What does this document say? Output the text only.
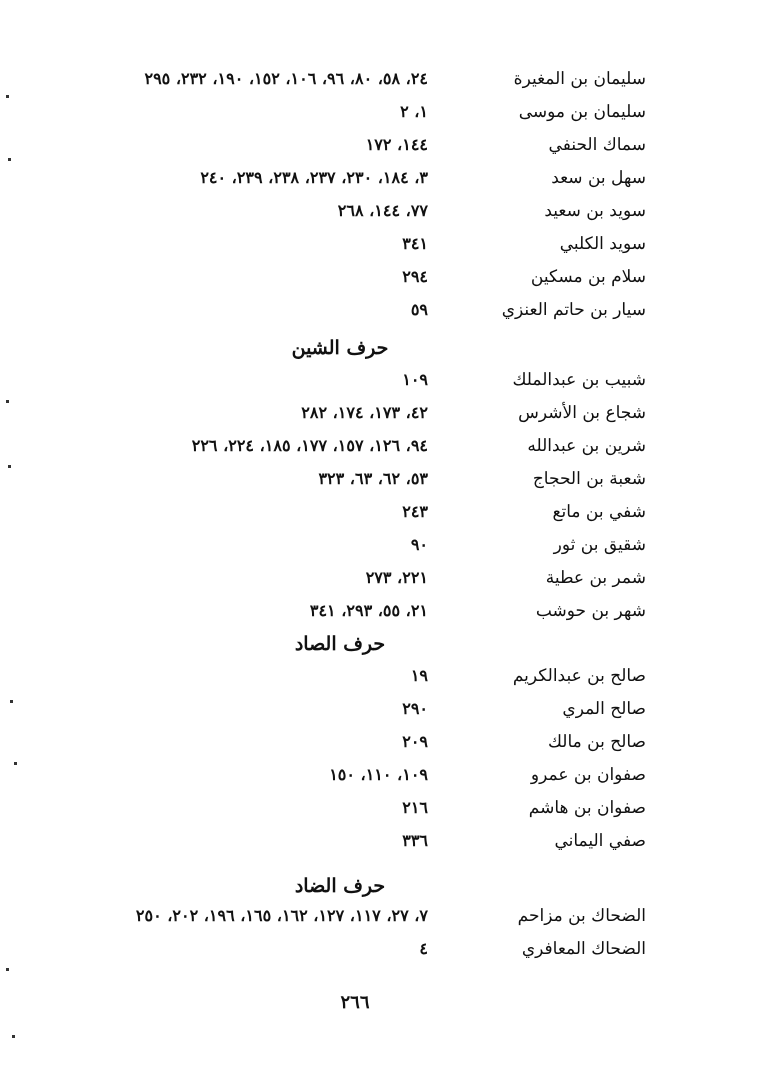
سليمان بن المغيرة
٢٤، ٥٨، ٨٠، ٩٦، ١٠٦، ١٥٢، ١٩٠، ٢٣٢، ٢٩٥
سليمان بن موسى
١، ٢
سماك الحنفي
١٤٤، ١٧٢
سهل بن سعد
٣، ١٨٤، ٢٣٠، ٢٣٧، ٢٣٨، ٢٣٩، ٢٤٠
سويد بن سعيد
٧٧، ١٤٤، ٢٦٨
سويد الكلبي
٣٤١
سلام بن مسكين
٢٩٤
سيار بن حاتم العنزي
٥٩
حرف الشين
شبيب بن عبدالملك
١٠٩
شجاع بن الأشرس
٤٢، ١٧٣، ١٧٤، ٢٨٢
شرين بن عبدالله
٩٤، ١٢٦، ١٥٧، ١٧٧، ١٨٥، ٢٢٤، ٢٢٦
شعبة بن الحجاج
٥٣، ٦٢، ٦٣، ٣٢٣
شفي بن ماتع
٢٤٣
شقيق بن ثور
٩٠
شمر بن عطية
٢٢١، ٢٧٣
شهر بن حوشب
٢١، ٥٥، ٢٩٣، ٣٤١
حرف الصاد
صالح بن عبدالكريم
١٩
صالح المري
٢٩٠
صالح بن مالك
٢٠٩
صفوان بن عمرو
١٠٩، ١١٠، ١٥٠
صفوان بن هاشم
٢١٦
صفي اليماني
٣٣٦
حرف الضاد
الضحاك بن مزاحم
٧، ٢٧، ١١٧، ١٢٧، ١٦٢، ١٦٥، ١٩٦، ٢٠٢، ٢٥٠
الضحاك المعافري
٤
٢٦٦
